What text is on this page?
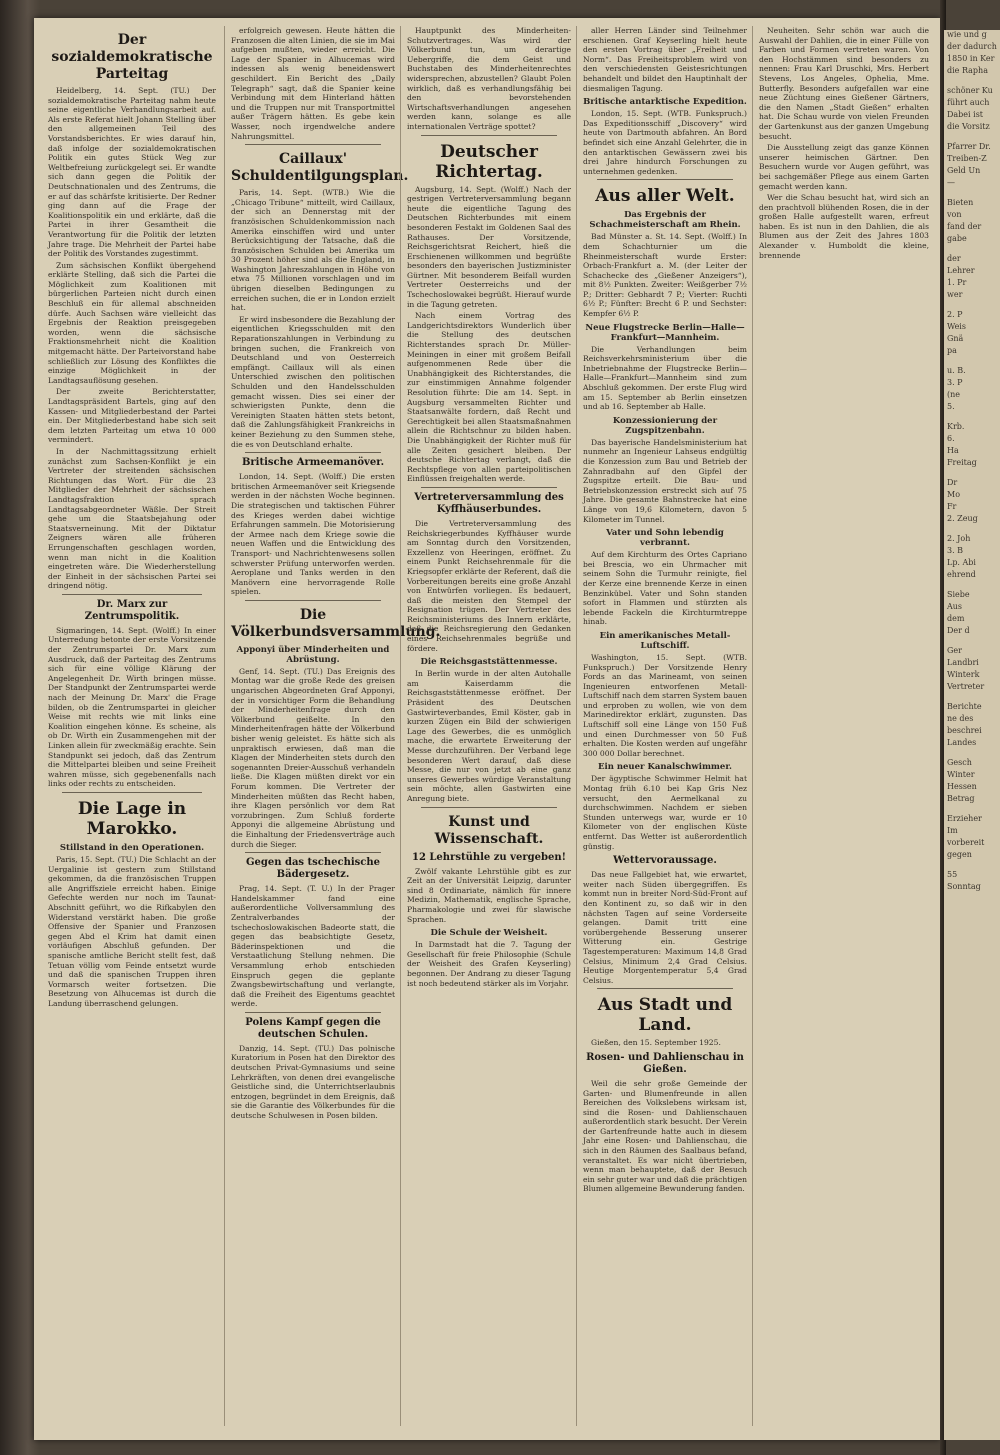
Der sozialdemokratische Parteitag

Heidelberg, 14. Sept. (TU.) Der sozialdemokratische Parteitag nahm heute seine eigentliche Verhandlungsarbeit auf. Als erste Referat hielt Johann Stelling über den allgemeinen Teil des Vorstandsberichtes. Er wies darauf hin, daß infolge der sozialdemokratischen Politik ein gutes Stück Weg zur Weltbefreiung zurückgelegt sei. Er wandte sich dann gegen die Politik der Deutschnationalen und des Zentrums, die er auf das schärfste kritisierte. Der Redner ging dann auf die Frage der Koalitionspolitik ein und erklärte, daß die Partei in ihrer Gesamtheit die Verantwortung für die Politik der letzten Jahre trage. Die Mehrheit der Partei habe der Politik des Vorstandes zugestimmt.

Zum sächsischen Konflikt übergehend erklärte Stelling, daß sich die Partei die Möglichkeit zum Koalitionen mit bürgerlichen Parteien nicht durch einen Beschluß ein für allemal abschneiden dürfe. Auch Sachsen wäre vielleicht das Ergebnis der Reaktion preisgegeben worden, wenn die sächsische Fraktionsmehrheit nicht die Koalition mitgemacht hätte. Der Parteivorstand habe schließlich zur Lösung des Konfliktes die einzige Möglichkeit in der Landtagsauflösung gesehen.

Der zweite Berichterstatter, Landtagspräsident Bartels, ging auf den Kassen- und Mitgliederbestand der Partei ein. Der Mitgliederbestand habe sich seit dem letzten Parteitag um etwa 10 000 vermindert.

In der Nachmittagssitzung erhielt zunächst zum Sachsen-Konflikt je ein Vertreter der streitenden sächsischen Richtungen das Wort. Für die 23 Mitglieder der Mehrheit der sächsischen Landtagsfraktion sprach Landtagsabgeordneter Wäßle. Der Streit gehe um die Staatsbejahung oder Staatsverneinung. Mit der Diktatur Zeigners wären alle früheren Errungenschaften geschlagen worden, wenn man nicht in die Koalition eingetreten wäre. Die Wiederherstellung der Einheit in der sächsischen Partei sei dringend nötig.

Dr. Marx zur Zentrumspolitik.

Sigmaringen, 14. Sept. (Wolff.) In einer Unterredung betonte der erste Vorsitzende der Zentrumspartei Dr. Marx zum Ausdruck, daß der Parteitag des Zentrums sich für eine völlige Klärung der Angelegenheit Dr. Wirth bringen müsse. Der Standpunkt der Zentrumspartei werde nach der Meinung Dr. Marx' die Frage bilden, ob die Zentrumspartei in gleicher Weise mit rechts wie mit links eine Koalition eingehen könne. Es scheine, als ob Dr. Wirth ein Zusammengehen mit der Linken allein für zweckmäßig erachte. Sein Standpunkt sei jedoch, daß das Zentrum die Mittelpartei bleiben und seine Freiheit wahren müsse, sich gegebenenfalls nach links oder rechts zu entscheiden.

Die Lage in Marokko.
Stillstand in den Operationen.

Paris, 15. Sept. (TU.) Die Schlacht an der Uergalinie ist gestern zum Stillstand gekommen, da die französischen Truppen alle Angriffsziele erreicht haben. Einige Gefechte werden nur noch im Taunat-Abschnitt geführt, wo die Rifkabylen den Widerstand verstärkt haben. Die große Offensive der Spanier und Franzosen gegen Abd el Krim hat damit einen vorläufigen Abschluß gefunden. Der spanische amtliche Bericht stellt fest, daß Tetuan völlig vom Feinde entsetzt wurde und daß die spanischen Truppen ihren Vormarsch weiter fortsetzen. Die Besetzung von Alhucemas ist durch die Landung überraschend gelungen.

erfolgreich gewesen. Heute hätten die Franzosen die alten Linien, die sie im Mai aufgeben mußten, wieder erreicht. Die Lage der Spanier in Alhucemas wird indessen als wenig beneidenswert geschildert. Ein Bericht des „Daily Telegraph“ sagt, daß die Spanier keine Verbindung mit dem Hinterland hätten und die Truppen nur mit Transportmittel außer Trägern hätten. Es gebe kein Wasser, noch irgendwelche andere Nahrungsmittel.

Caillaux' Schuldentilgungsplan.

Paris, 14. Sept. (WTB.) Wie die „Chicago Tribune“ mitteilt, wird Caillaux, der sich an Dennerstag mit der französischen Schuldenkommission nach Amerika einschiffen wird und unter Berücksichtigung der Tatsache, daß die französischen Schulden bei Amerika um 30 Prozent höher sind als die England, in Washington Jahreszahlungen in Höhe von etwa 75 Millionen vorschlagen und im übrigen dieselben Bedingungen zu erreichen suchen, die er in London erzielt hat.

Er wird insbesondere die Bezahlung der eigentlichen Kriegsschulden mit den Reparationszahlungen in Verbindung zu bringen suchen, die Frankreich von Deutschland und von Oesterreich empfängt. Caillaux will als einen Unterschied zwischen den politischen Schulden und den Handelsschulden gemacht wissen. Dies sei einer der schwierigsten Punkte, denn die Vereinigten Staaten hätten stets betont, daß die Zahlungsfähigkeit Frankreichs in keiner Beziehung zu den Summen stehe, die es von Deutschland erhalte.

Britische Armeemanöver.

London, 14. Sept. (Wolff.) Die ersten britischen Armeemanöver seit Kriegsende werden in der nächsten Woche beginnen. Die strategischen und taktischen Führer des Krieges werden dabei wichtige Erfahrungen sammeln. Die Motorisierung der Armee nach dem Kriege sowie die neuen Waffen und die Entwicklung des Transport- und Nachrichtenwesens sollen schwerster Prüfung unterworfen werden. Aeroplane und Tanks werden in den Manövern eine hervorragende Rolle spielen.

Die Völkerbundsversammlung.
Apponyi über Minderheiten und Abrüstung.

Genf, 14. Sept. (TU.) Das Ereignis des Montag war die große Rede des greisen ungarischen Abgeordneten Graf Apponyi, der in vorsichtiger Form die Behandlung der Minderheitenfrage durch den Völkerbund geißelte. In den Minderheitenfragen hätte der Völkerbund bisher wenig geleistet. Es hätte sich als unpraktisch erwiesen, daß man die Klagen der Minderheiten stets durch den sogenannten Dreier-Ausschuß verhandeln ließe. Die Klagen müßten direkt vor ein Forum kommen. Die Vertreter der Minderheiten müßten das Recht haben, ihre Klagen persönlich vor dem Rat vorzubringen. Zum Schluß forderte Apponyi die allgemeine Abrüstung und die Einhaltung der Friedensverträge auch durch die Sieger.

Gegen das tschechische Bädergesetz.

Prag, 14. Sept. (T. U.) In der Prager Handelskammer fand eine außerordentliche Vollversammlung des Zentralverbandes der tschechoslowakischen Badeorte statt, die gegen das beabsichtigte Gesetz, Bäderinspektionen und die Verstaatlichung Stellung nehmen. Die Versammlung erhob entschieden Einspruch gegen die geplante Zwangsbewirtschaftung und verlangte, daß die Freiheit des Eigentums geachtet werde.

Polens Kampf gegen die deutschen Schulen.

Danzig, 14. Sept. (TU.) Das polnische Kuratorium in Posen hat den Direktor des deutschen Privat-Gymnasiums und seine Lehrkräften, von denen drei evangelische Geistliche sind, die Unterrichtserlaubnis entzogen, begründet in dem Ereignis, daß sie die Garantie des Völkerbundes für die deutsche Schulwesen in Posen bilden.

Hauptpunkt des Minderheiten-Schutzvertrages. Was wird der Völkerbund tun, um derartige Uebergriffe, die dem Geist und Buchstaben des Minderheitenrechtes widersprechen, abzustellen? Glaubt Polen wirklich, daß es verhandlungsfähig bei den bevorstehenden Wirtschaftsverhandlungen angesehen werden kann, solange es alle internationalen Verträge spottet?

Deutscher Richtertag.

Augsburg, 14. Sept. (Wolff.) Nach der gestrigen Vertreterversammlung begann heute die eigentliche Tagung des Deutschen Richterbundes mit einem besonderen Festakt im Goldenen Saal des Rathauses. Der Vorsitzende, Reichsgerichtsrat Reichert, hieß die Erschienenen willkommen und begrüßte besonders den bayerischen Justizminister Gürtner. Mit besonderem Beifall wurden Vertreter Oesterreichs und der Tschechoslowakei begrüßt. Hierauf wurde in die Tagung getreten.

Nach einem Vortrag des Landgerichtsdirektors Wunderlich über die Stellung des deutschen Richterstandes sprach Dr. Müller-Meiningen in einer mit großem Beifall aufgenommenen Rede über die Unabhängigkeit des Richterstandes, die zur einstimmigen Annahme folgender Resolution führte: Die am 14. Sept. in Augsburg versammelten Richter und Staatsanwälte fordern, daß Recht und Gerechtigkeit bei allen Staatsmaßnahmen allein die Richtschnur zu bilden haben. Die Unabhängigkeit der Richter muß für alle Zeiten gesichert bleiben. Der deutsche Richtertag verlangt, daß die Rechtspflege von allen parteipolitischen Einflüssen freigehalten werde.

Vertreterversammlung des Kyffhäuserbundes.

Die Vertreterversammlung des Reichskriegerbundes Kyffhäuser wurde am Sonntag durch den Vorsitzenden, Exzellenz von Heeringen, eröffnet. Zu einem Punkt Reichsehrenmale für die Kriegsopfer erklärte der Referent, daß die Vorbereitungen bereits eine große Anzahl von Entwürfen vorliegen. Es bedauert, daß die meisten den Stempel der Resignation trügen. Der Vertreter des Reichsministeriums des Innern erklärte, daß die Reichsregierung den Gedanken eines Reichsehrenmales begrüße und fördere.

Die Reichsgaststättenmesse.

In Berlin wurde in der alten Autohalle am Kaiserdamm die Reichsgaststättenmesse eröffnet. Der Präsident des Deutschen Gastwirteverbandes, Emil Köster, gab in kurzen Zügen ein Bild der schwierigen Lage des Gewerbes, die es unmöglich mache, die erwartete Erweiterung der Messe durchzuführen. Der Verband lege besonderen Wert darauf, daß diese Messe, die nur von jetzt ab eine ganz unseres Gewerbes würdige Veranstaltung sein möchte, allen Gastwirten eine Anregung biete.

Kunst und Wissenschaft.
12 Lehrstühle zu vergeben!

Zwölf vakante Lehrstühle gibt es zur Zeit an der Universität Leipzig, darunter sind 8 Ordinariate, nämlich für innere Medizin, Mathematik, englische Sprache, Pharmakologie und zwei für slawische Sprachen.

Die Schule der Weisheit.

In Darmstadt hat die 7. Tagung der Gesellschaft für freie Philosophie (Schule der Weisheit des Grafen Keyserling) begonnen. Der Andrang zu dieser Tagung ist noch bedeutend stärker als im Vorjahr.

aller Herren Länder sind Teilnehmer erschienen. Graf Keyserling hielt heute den ersten Vortrag über „Freiheit und Norm“. Das Freiheitsproblem wird von den verschiedensten Geistesrichtungen behandelt und bildet den Hauptinhalt der diesmaligen Tagung.

Britische antarktische Expedition.

London, 15. Sept. (WTB. Funkspruch.) Das Expeditionsschiff „Discovery“ wird heute von Dartmouth abfahren. An Bord befindet sich eine Anzahl Gelehrter, die in den antarktischen Gewässern zwei bis drei Jahre hindurch Forschungen zu unternehmen gedenken.

Aus aller Welt.
Das Ergebnis der Schachmeisterschaft am Rhein.

Bad Münster a. St. 14. Sept. (Wolff.) In dem Schachturnier um die Rheinmeisterschaft wurde Erster: Orbach-Frankfurt a. M. (der Leiter der Schachecke des „Gießener Anzeigers“), mit 8½ Punkten. Zweiter: Weißgerber 7½ P.; Dritter: Gebhardt 7 P.; Vierter: Ruchti 6½ P.; Fünfter: Brecht 6 P. und Sechster: Kempfer 6½ P.

Neue Flugstrecke Berlin—Halle—Frankfurt—Mannheim.

Die Verhandlungen beim Reichsverkehrsministerium über die Inbetriebnahme der Flugstrecke Berlin—Halle—Frankfurt—Mannheim sind zum Abschluß gekommen. Der erste Flug wird am 15. September ab Berlin einsetzen und ab 16. September ab Halle.

Konzessionierung der Zugspitzenbahn.

Das bayerische Handelsministerium hat nunmehr an Ingenieur Lahseus endgültig die Konzession zum Bau und Betrieb der Zahnradbahn auf den Gipfel der Zugspitze erteilt. Die Bau- und Betriebskonzession erstreckt sich auf 75 Jahre. Die gesamte Bahnstrecke hat eine Länge von 19,6 Kilometern, davon 5 Kilometer im Tunnel.

Vater und Sohn lebendig verbrannt.

Auf dem Kirchturm des Ortes Capriano bei Brescia, wo ein Uhrmacher mit seinem Sohn die Turmuhr reinigte, fiel der Kerze eine brennende Kerze in einen Benzinkübel. Vater und Sohn standen sofort in Flammen und stürzten als lebende Fackeln die Kirchturmtreppe hinab.

Ein amerikanisches Metall-Luftschiff.

Washington, 15. Sept. (WTB. Funkspruch.) Der Vorsitzende Henry Fords an das Marineamt, von seinen Ingenieuren entworfenen Metall-Luftschiff nach dem starren System bauen und erproben zu wollen, wie von dem Marinedirektor erklärt, zugunsten. Das Luftschiff soll eine Länge von 150 Fuß und einen Durchmesser von 50 Fuß erhalten. Die Kosten werden auf ungefähr 300 000 Dollar berechnet.

Ein neuer Kanalschwimmer.

Der ägyptische Schwimmer Helmit hat Montag früh 6.10 bei Kap Gris Nez versucht, den Aermelkanal zu durchschwimmen. Nachdem er sieben Stunden unterwegs war, wurde er 10 Kilometer von der englischen Küste entfernt. Das Wetter ist außerordentlich günstig.

Wettervoraussage.

Das neue Fallgebiet hat, wie erwartet, weiter nach Süden übergegriffen. Es kommt nun in breiter Nord-Süd-Front auf den Kontinent zu, so daß wir in den nächsten Tagen auf seine Vorderseite gelangen. Damit tritt eine vorübergehende Besserung unserer Witterung ein. Gestrige Tagestemperaturen: Maximum 14,8 Grad Celsius, Minimum 2,4 Grad Celsius. Heutige Morgentemperatur 5,4 Grad Celsius.

Aus Stadt und Land.

Gießen, den 15. September 1925.

Rosen- und Dahlienschau in Gießen.

Weil die sehr große Gemeinde der Garten- und Blumenfreunde in allen Bereichen des Volkslebens wirksam ist, sind die Rosen- und Dahlienschauen außerordentlich stark besucht. Der Verein der Gartenfreunde hatte auch in diesem Jahr eine Rosen- und Dahlienschau, die sich in den Räumen des Saalbaus befand, veranstaltet. Es war nicht übertrieben, wenn man behauptete, daß der Besuch ein sehr guter war und daß die prächtigen Blumen allgemeine Bewunderung fanden.

Neuheiten. Sehr schön war auch die Auswahl der Dahlien, die in einer Fülle von Farben und Formen vertreten waren. Von den Hochstämmen sind besonders zu nennen: Frau Karl Druschki, Mrs. Herbert Stevens, Los Angeles, Ophelia, Mme. Butterfly. Besonders aufgefallen war eine neue Züchtung eines Gießener Gärtners, die den Namen „Stadt Gießen“ erhalten hat. Die Schau wurde von vielen Freunden der Gartenkunst aus der ganzen Umgebung besucht.

Die Ausstellung zeigt das ganze Können unserer heimischen Gärtner. Den Besuchern wurde vor Augen geführt, was bei sachgemäßer Pflege aus einem Garten gemacht werden kann.

Wer die Schau besucht hat, wird sich an den prachtvoll blühenden Rosen, die in der großen Halle aufgestellt waren, erfreut haben. Es ist nun in den Dahlien, die als Blumen aus der Zeit des Jahres 1803 Alexander v. Humboldt die kleine, brennende

wie und g
der dadurch
1850 in Ker
die Rapha
schöner Ku
führt auch
Dabei ist
die Vorsitz
Pfarrer Dr.
Treiben-Z
Geld Un
—
Bieten
von
fand der
gabe
der
Lehrer
1. Pr
wer
2. P
Weis
Gnä
pa
u. B.
3. P
(ne
5.
Krb.
6.
Ha
Freitag
Dr
Mo
Fr
2. Zeug
2. Joh
3. B
Lp. Abi
ehrend
Siebe
Aus
dem
Der d
Ger
Landbri
Winterk
Vertreter
Berichte
ne des
beschrei
Landes
Gesch
Winter
Hessen
Betrag
Erzieher
Im
vorbereit
gegen
55
Sonntag
